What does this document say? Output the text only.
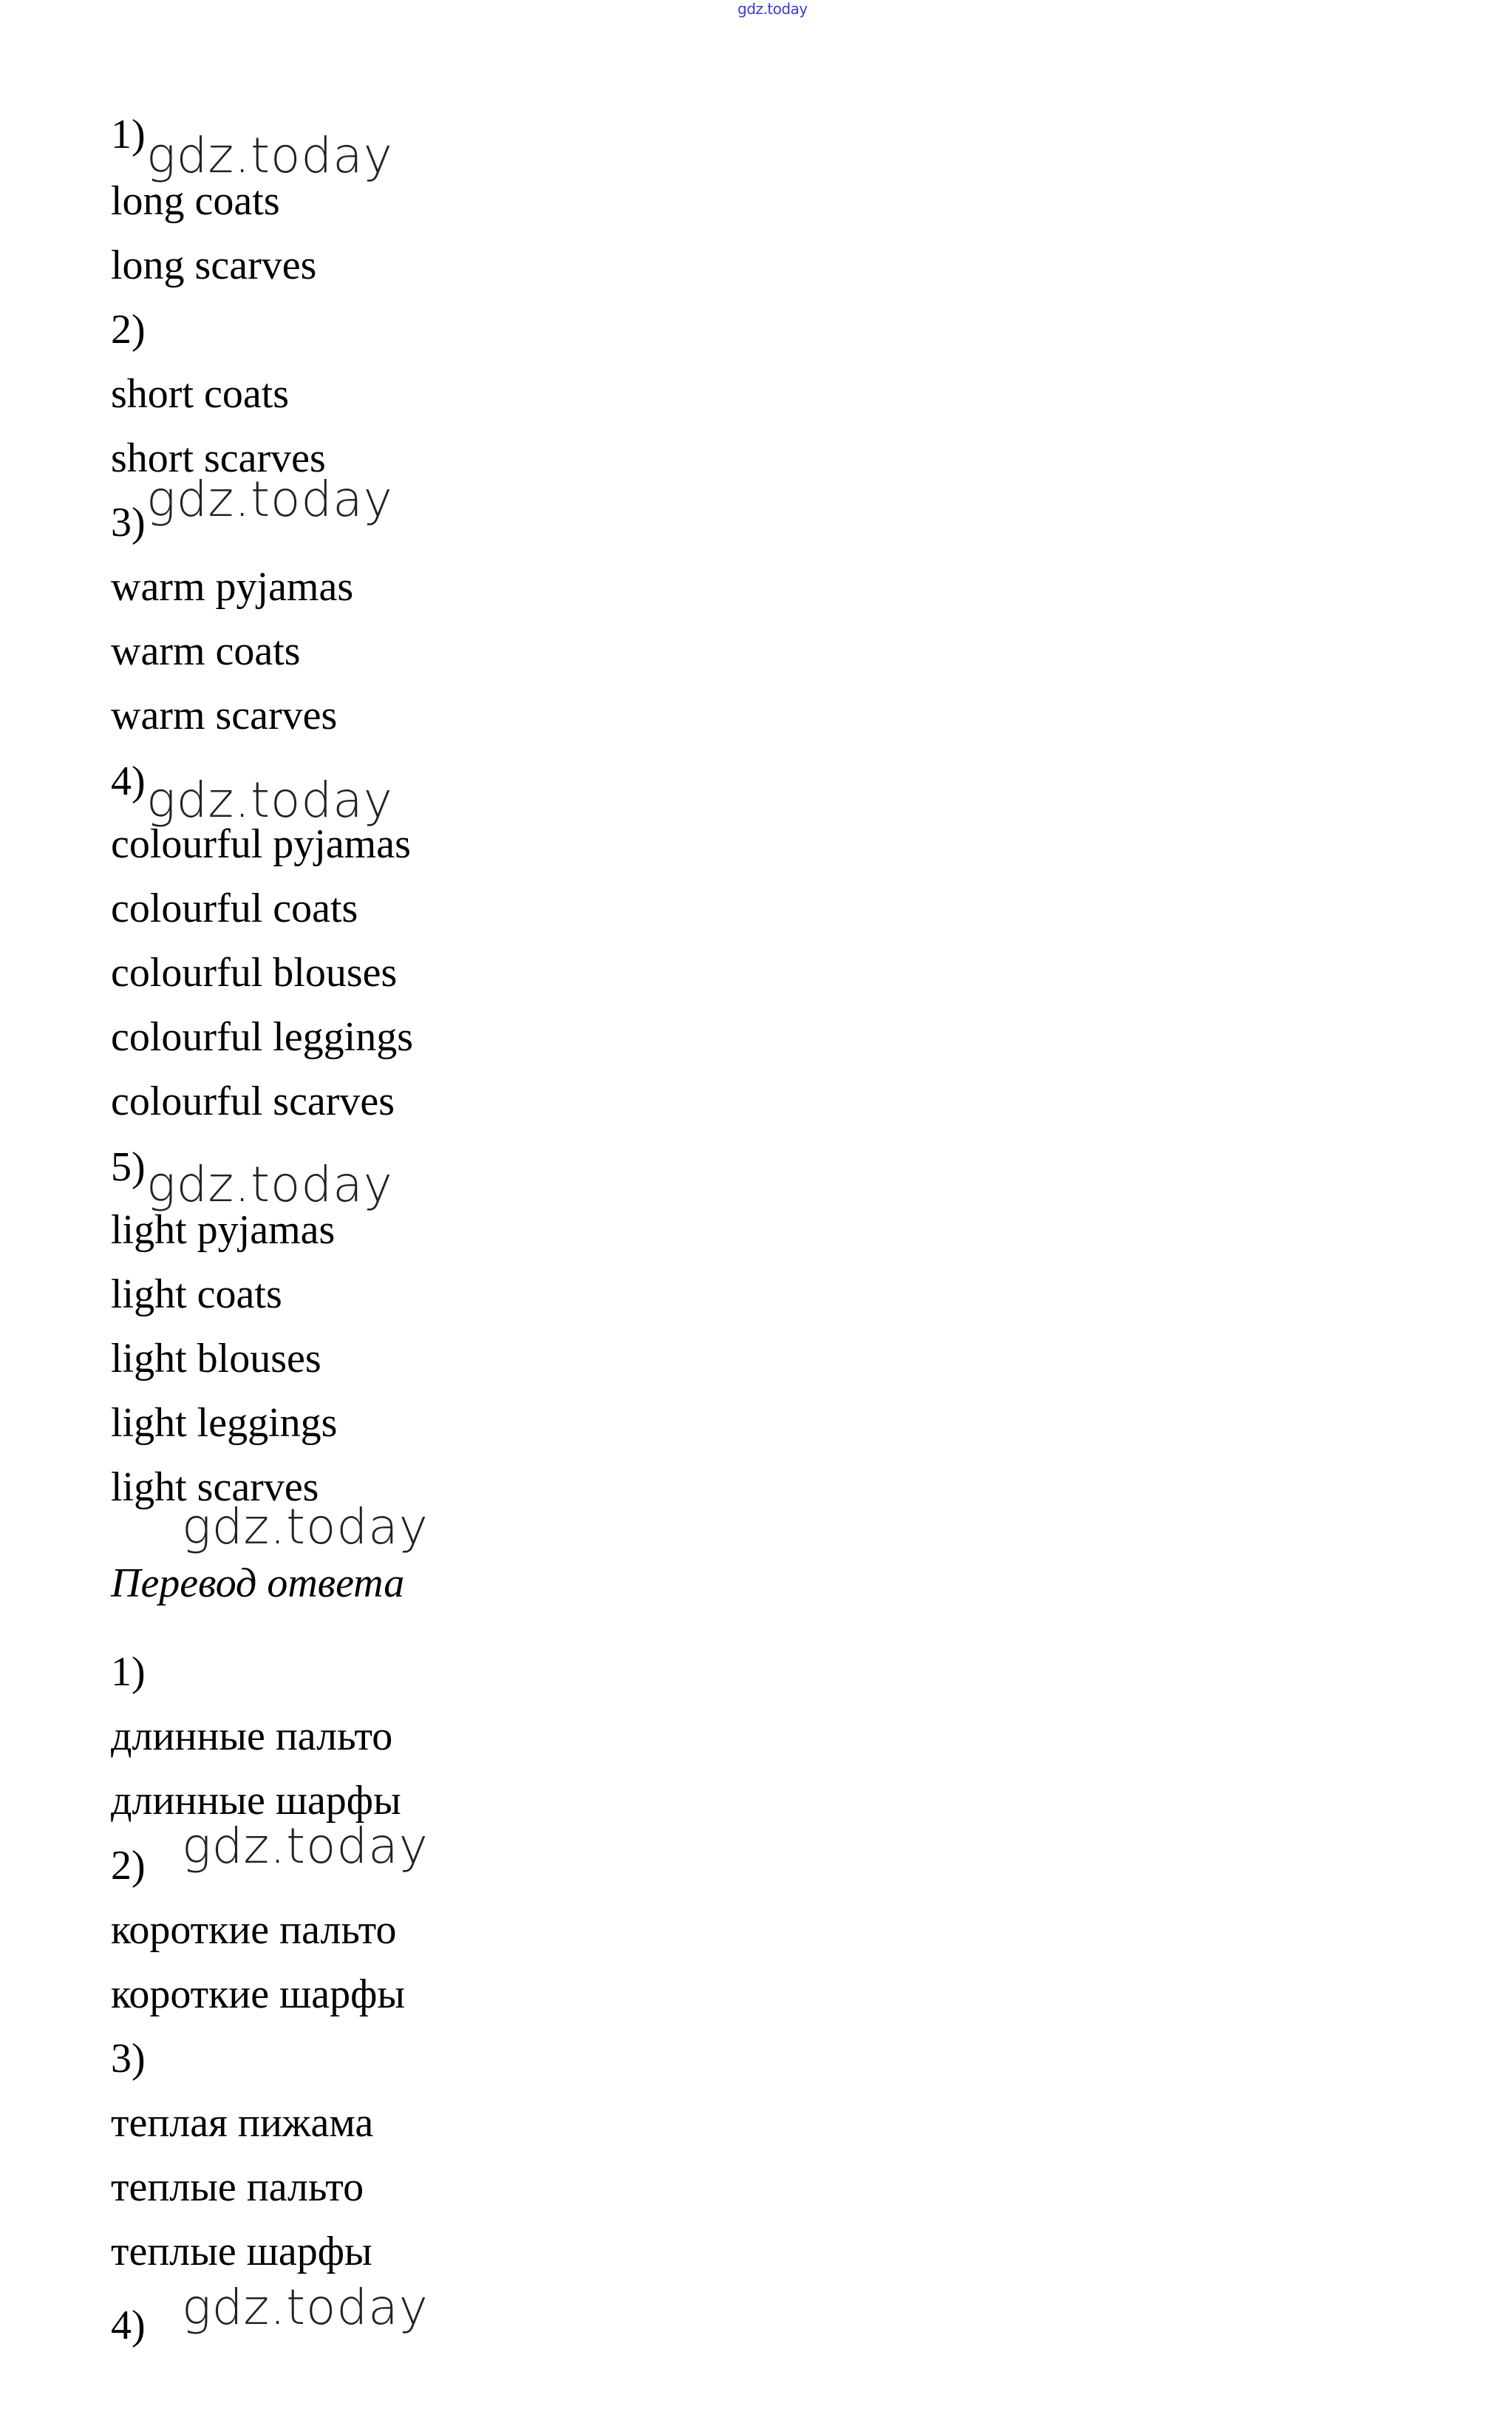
gdz.today
1)
long coats
long scarves
2)
short coats
short scarves
3)
warm pyjamas
warm coats
warm scarves
4)
colourful pyjamas
colourful coats
colourful blouses
colourful leggings
colourful scarves
5)
light pyjamas
light coats
light blouses
light leggings
light scarves
Перевод ответа
1)
длинные пальто
длинные шарфы
2)
короткие пальто
короткие шарфы
3)
теплая пижама
теплые пальто
теплые шарфы
4)
gdz.today
gdz.today
gdz.today
gdz.today
gdz.today
gdz.today
gdz.today
